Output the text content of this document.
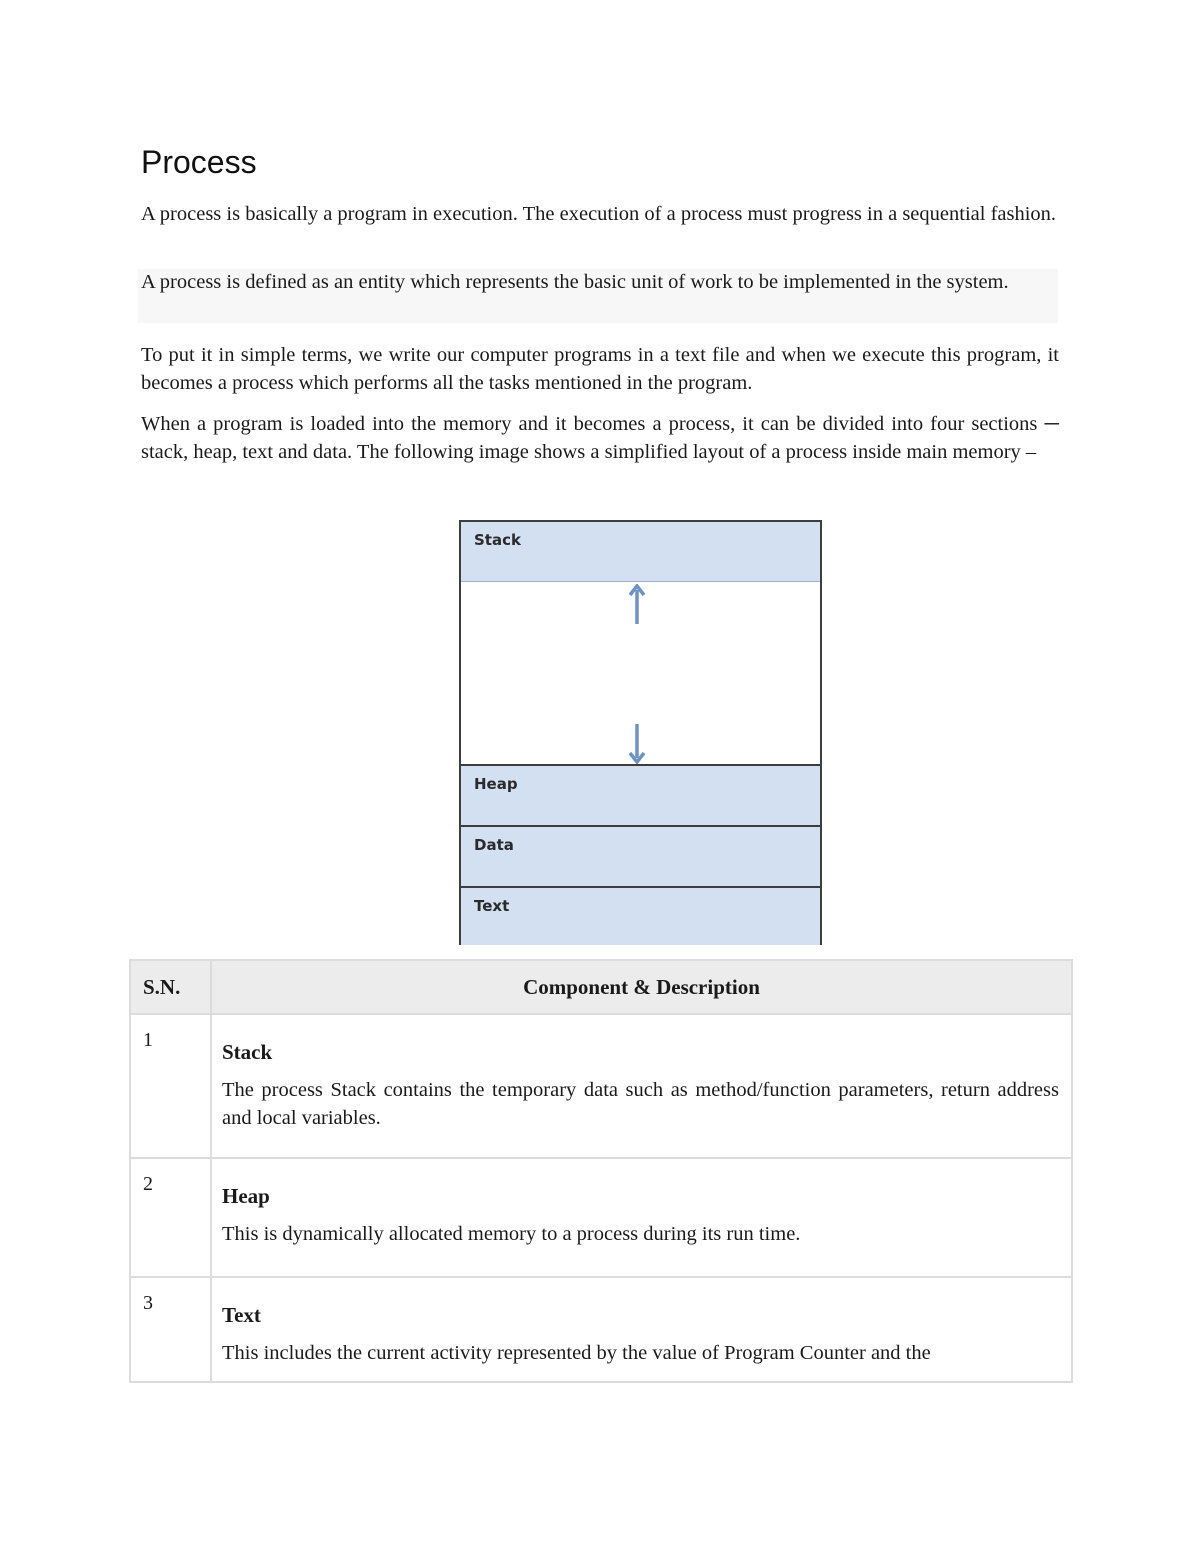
Process

A process is basically a program in execution. The execution of a process must progress in a sequential fashion.

A process is defined as an entity which represents the basic unit of work to be implemented in the system.

To put it in simple terms, we write our computer programs in a text file and when we execute this program, it becomes a process which performs all the tasks mentioned in the program.

When a program is loaded into the memory and it becomes a process, it can be divided into four sections ─ stack, heap, text and data. The following image shows a simplified layout of a process inside main memory –

Stack
Heap
Data
Text
S.N.	Component & Description
1	Stack

The process Stack contains the temporary data such as method/function parameters, return address and local variables.

2	Heap

This is dynamically allocated memory to a process during its run time.

3	Text

This includes the current activity represented by the value of Program Counter and the
